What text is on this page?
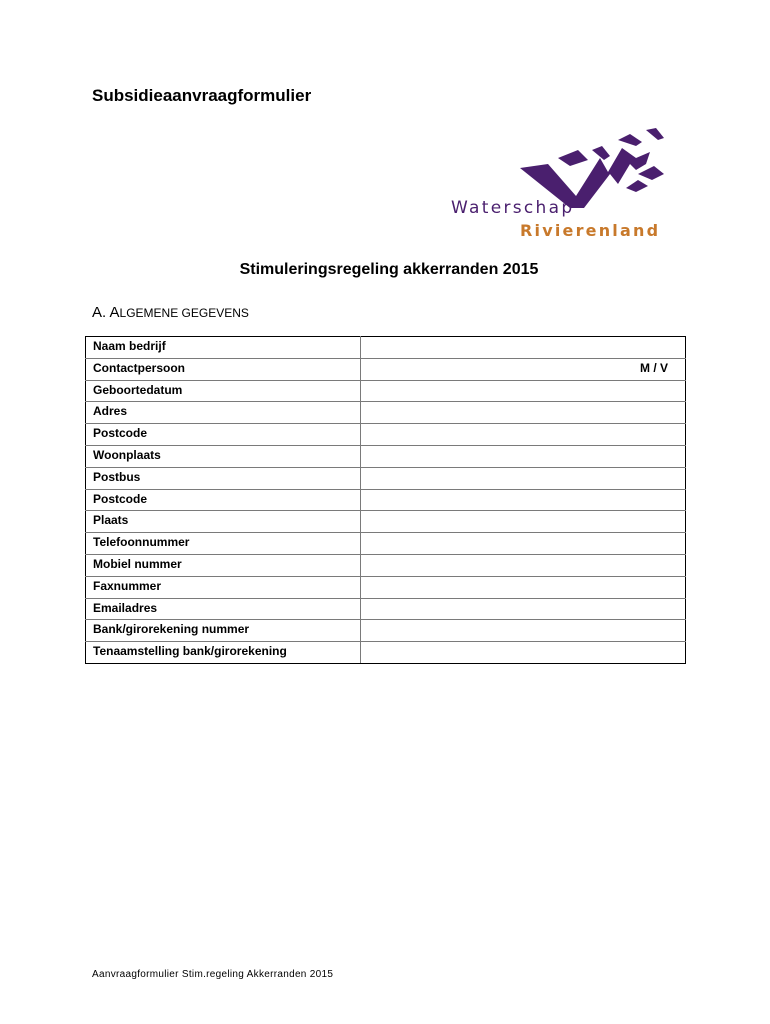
Subsidieaanvraagformulier
Waterschap
Rivierenland
Stimuleringsregeling akkerranden 2015
A. ALGEMENE GEGEVENS
Naam bedrijf	
Contactpersoon	M / V
Geboortedatum	
Adres	
Postcode	
Woonplaats	
Postbus	
Postcode	
Plaats	
Telefoonnummer	
Mobiel nummer	
Faxnummer	
Emailadres	
Bank/girorekening nummer	
Tenaamstelling bank/girorekening	

Aanvraagformulier Stim.regeling Akkerranden 2015
